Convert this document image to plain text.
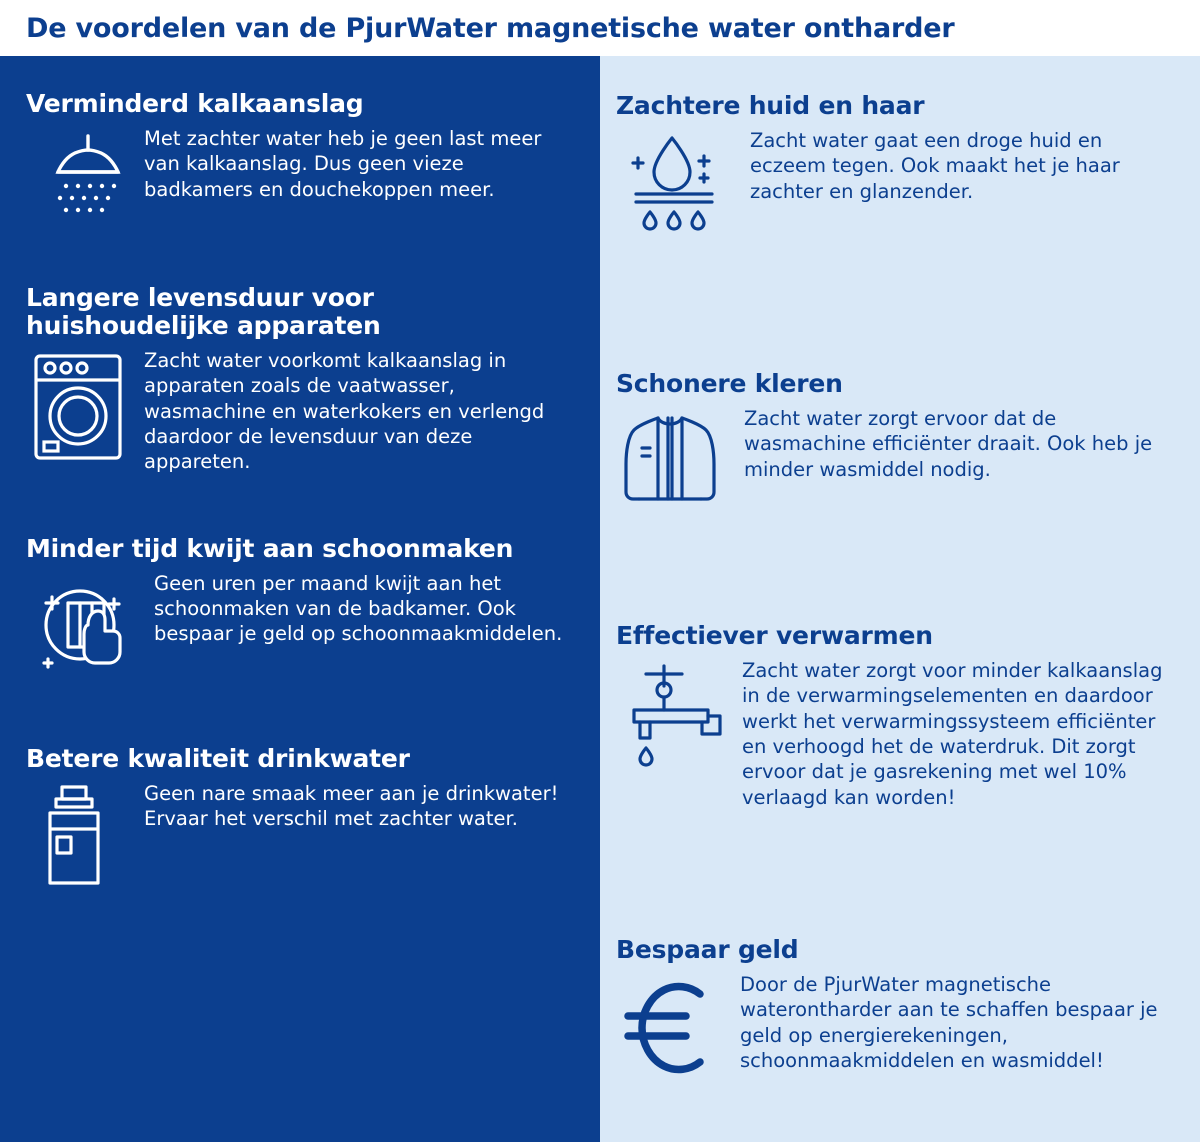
De voordelen van de PjurWater magnetische water ontharder
Verminderd kalkaanslag
Met zachter water heb je geen last meer van kalkaanslag. Dus geen vieze badkamers en douchekoppen meer.
Langere levensduur voor huishoudelijke apparaten
Zacht water voorkomt kalkaanslag in apparaten zoals de vaatwasser, wasmachine en waterkokers en verlengd daardoor de levensduur van deze appareten.
Minder tijd kwijt aan schoonmaken
Geen uren per maand kwijt aan het schoonmaken van de badkamer. Ook bespaar je geld op schoonmaakmiddelen.
Betere kwaliteit drinkwater
Geen nare smaak meer aan je drinkwater! Ervaar het verschil met zachter water.
Zachtere huid en haar
Zacht water gaat een droge huid en eczeem tegen. Ook maakt het je haar zachter en glanzender.
Schonere kleren
Zacht water zorgt ervoor dat de wasmachine efficiënter draait. Ook heb je minder wasmiddel nodig.
Effectiever verwarmen
Zacht water zorgt voor minder kalkaanslag in de verwarmingselementen en daardoor werkt het verwarmingssysteem efficiënter en verhoogd het de waterdruk. Dit zorgt ervoor dat je gasrekening met wel 10% verlaagd kan worden!
Bespaar geld
Door de PjurWater magnetische waterontharder aan te schaffen bespaar je geld op energierekeningen, schoonmaakmiddelen en wasmiddel!
